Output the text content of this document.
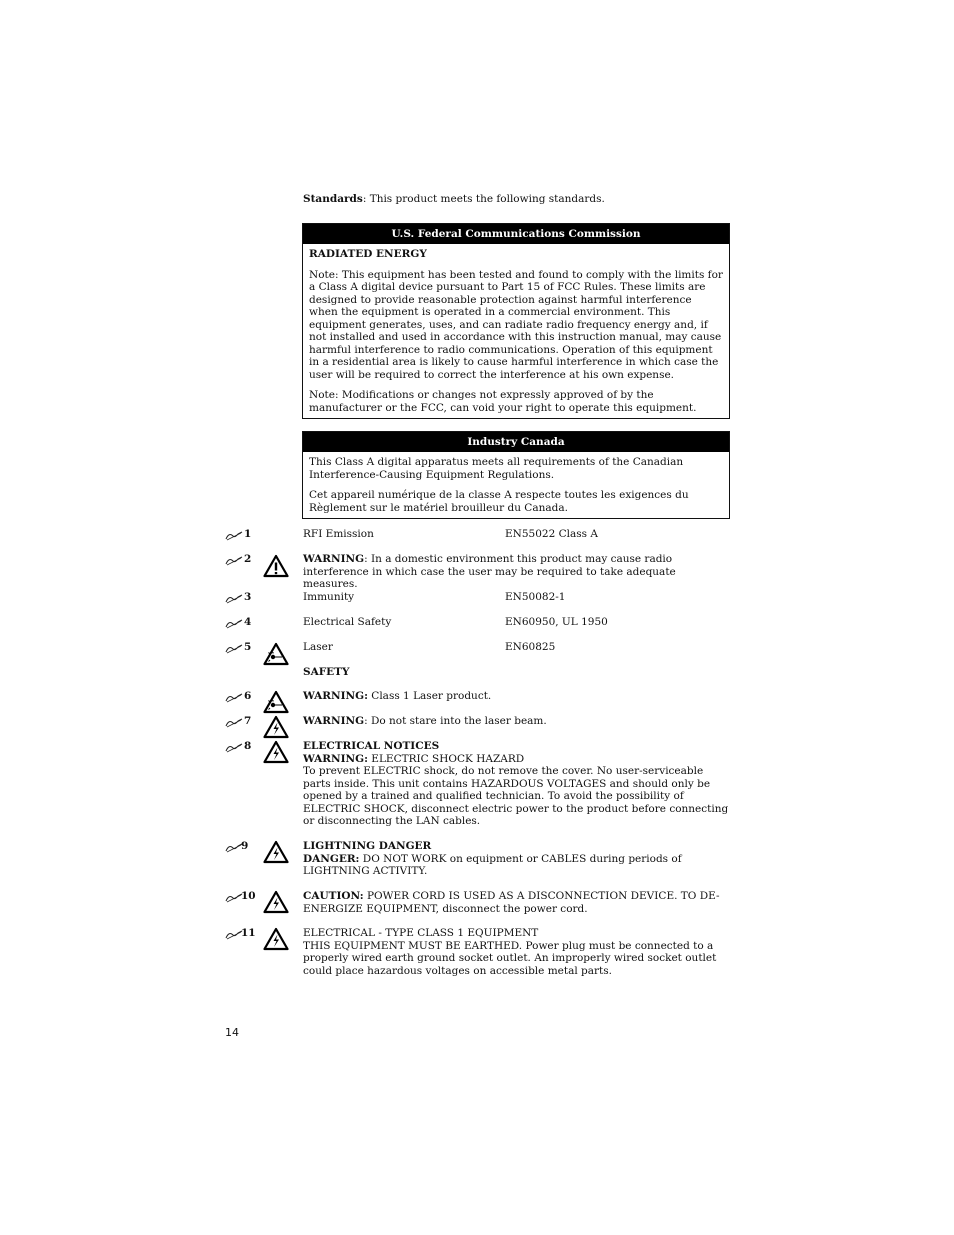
Standards: This product meets the following standards.
U.S. Federal Communications Commission

RADIATED ENERGY

Note: This equipment has been tested and found to comply with the limits for a Class A digital device pursuant to Part 15 of FCC Rules. These limits are designed to provide reasonable protection against harmful interference when the equipment is operated in a commercial environment. This equipment generates, uses, and can radiate radio frequency energy and, if not installed and used in accordance with this instruction manual, may cause harmful interference to radio communications. Operation of this equipment in a residential area is likely to cause harmful interference in which case the user will be required to correct the interference at his own expense.

Note: Modifications or changes not expressly approved of by the manufacturer or the FCC, can void your right to operate this equipment.

Industry Canada

This Class A digital apparatus meets all requirements of the Canadian Interference-Causing Equipment Regulations.

Cet appareil numérique de la classe A respecte toutes les exigences du Règlement sur le matériel brouilleur du Canada.

1	RFI Emission	EN55022 Class A
2	WARNING: In a domestic environment this product may cause radio interference in which case the user may be required to take adequate measures.
3	Immunity	EN50082-1
4	Electrical Safety	EN60950, UL 1950
5	Laser	EN60825
SAFETY
6	WARNING: Class 1 Laser product.
7	WARNING: Do not stare into the laser beam.
8	ELECTRICAL NOTICES
WARNING: ELECTRIC SHOCK HAZARD
To prevent ELECTRIC shock, do not remove the cover. No user-serviceable parts inside. This unit contains HAZARDOUS VOLTAGES and should only be opened by a trained and qualified technician. To avoid the possibility of ELECTRIC SHOCK, disconnect electric power to the product before connecting or disconnecting the LAN cables.
9	LIGHTNING DANGER
DANGER: DO NOT WORK on equipment or CABLES during periods of LIGHTNING ACTIVITY.
10	CAUTION: POWER CORD IS USED AS A DISCONNECTION DEVICE. TO DE-ENERGIZE EQUIPMENT, disconnect the power cord.
11	ELECTRICAL - TYPE CLASS 1 EQUIPMENT
THIS EQUIPMENT MUST BE EARTHED. Power plug must be connected to a properly wired earth ground socket outlet. An improperly wired socket outlet could place hazardous voltages on accessible metal parts.
14
